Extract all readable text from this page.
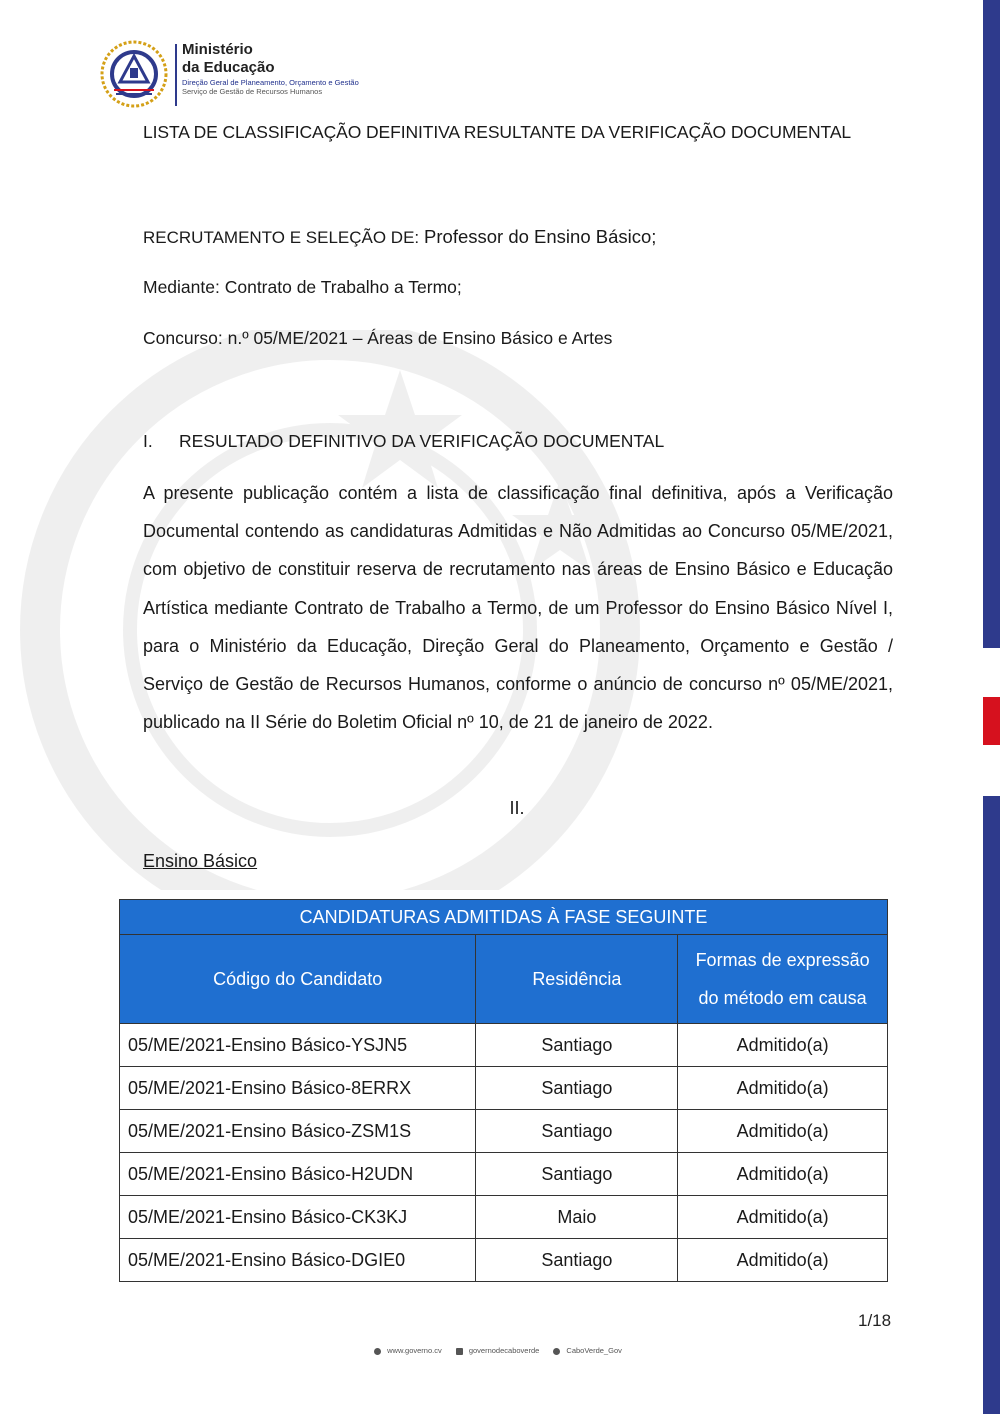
Ministério
da Educação
Direção Geral de Planeamento, Orçamento e Gestão
Serviço de Gestão de Recursos Humanos
LISTA DE CLASSIFICAÇÃO DEFINITIVA RESULTANTE DA VERIFICAÇÃO DOCUMENTAL
RECRUTAMENTO E SELEÇÃO DE: Professor do Ensino Básico;
Mediante: Contrato de Trabalho a Termo;
Concurso: n.º 05/ME/2021 – Áreas de Ensino Básico e Artes
I. RESULTADO DEFINITIVO DA VERIFICAÇÃO DOCUMENTAL
A presente publicação contém a lista de classificação final definitiva, após a Verificação Documental contendo as candidaturas Admitidas e Não Admitidas ao Concurso 05/ME/2021, com objetivo de constituir reserva de recrutamento nas áreas de Ensino Básico e Educação Artística mediante Contrato de Trabalho a Termo, de um Professor do Ensino Básico Nível I, para o Ministério da Educação, Direção Geral do Planeamento, Orçamento e Gestão / Serviço de Gestão de Recursos Humanos, conforme o anúncio de concurso nº 05/ME/2021, publicado na II Série do Boletim Oficial nº 10, de 21 de janeiro de 2022.
II.
Ensino Básico
CANDIDATURAS ADMITIDAS À FASE SEGUINTE		
Código do Candidato	Residência	Formas de expressão
do método em causa
05/ME/2021-Ensino Básico-YSJN5	Santiago	Admitido(a)
05/ME/2021-Ensino Básico-8ERRX	Santiago	Admitido(a)
05/ME/2021-Ensino Básico-ZSM1S	Santiago	Admitido(a)
05/ME/2021-Ensino Básico-H2UDN	Santiago	Admitido(a)
05/ME/2021-Ensino Básico-CK3KJ	Maio	Admitido(a)
05/ME/2021-Ensino Básico-DGIE0	Santiago	Admitido(a)
1/18
www.governo.cv	governodecaboverde	CaboVerde_Gov
